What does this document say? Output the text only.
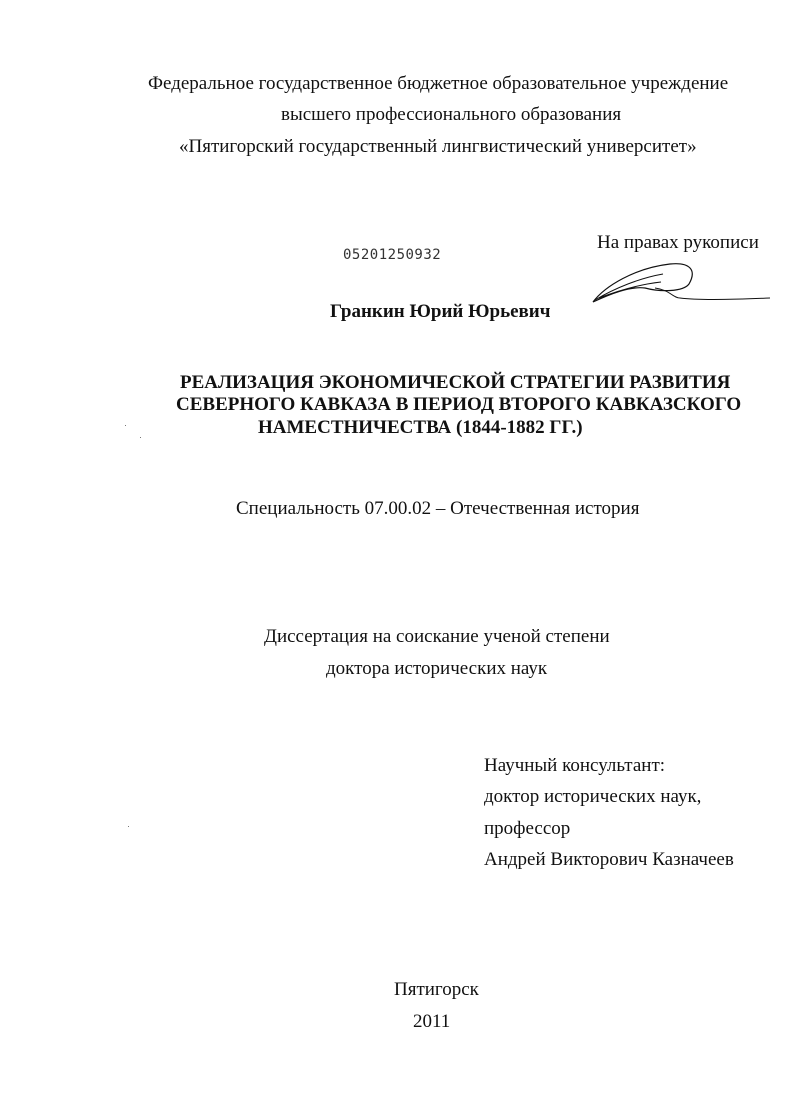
Федеральное государственное бюджетное образовательное учреждение
высшего профессионального образования
«Пятигорский государственный лингвистический университет»
05201250932
На правах рукописи
Гранкин Юрий Юрьевич
РЕАЛИЗАЦИЯ ЭКОНОМИЧЕСКОЙ СТРАТЕГИИ РАЗВИТИЯ
СЕВЕРНОГО КАВКАЗА В ПЕРИОД ВТОРОГО КАВКАЗСКОГО
НАМЕСТНИЧЕСТВА (1844-1882 ГГ.)
Специальность 07.00.02 – Отечественная история
Диссертация на соискание ученой степени
доктора исторических наук
Научный консультант:
доктор исторических наук,
профессор
Андрей Викторович Казначеев
Пятигорск
2011
